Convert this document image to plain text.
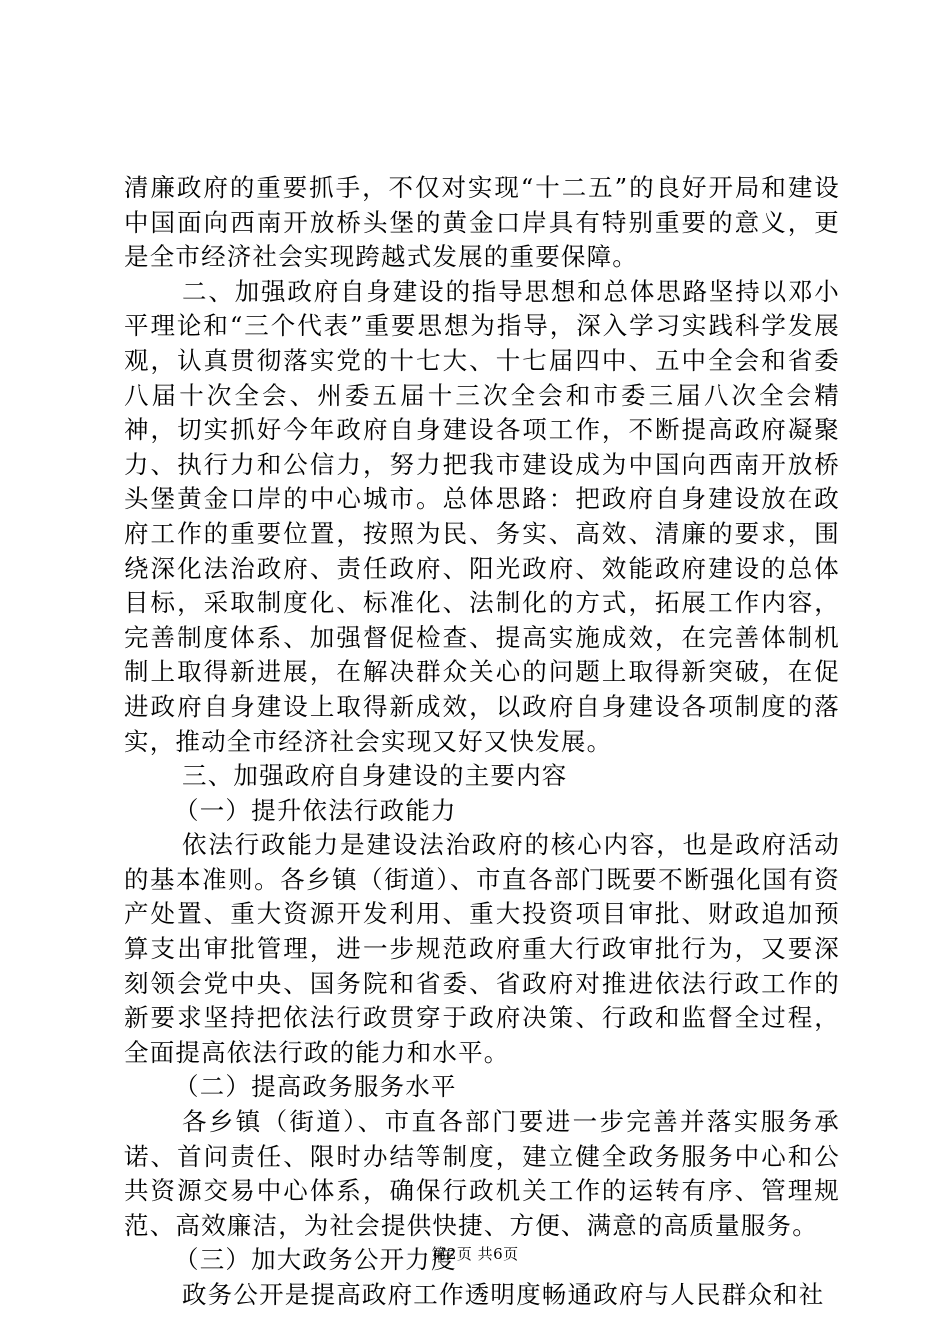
清廉政府的重要抓手，不仅对实现“十二五”的良好开局和建设中国面向西南开放桥头堡的黄金口岸具有特别重要的意义，更是全市经济社会实现跨越式发展的重要保障。

二、加强政府自身建设的指导思想和总体思路坚持以邓小平理论和“三个代表”重要思想为指导，深入学习实践科学发展观，认真贯彻落实党的十七大、十七届四中、五中全会和省委八届十次全会、州委五届十三次全会和市委三届八次全会精神，切实抓好今年政府自身建设各项工作，不断提高政府凝聚力、执行力和公信力，努力把我市建设成为中国向西南开放桥头堡黄金口岸的中心城市。总体思路：把政府自身建设放在政府工作的重要位置，按照为民、务实、高效、清廉的要求，围绕深化法治政府、责任政府、阳光政府、效能政府建设的总体目标，采取制度化、标准化、法制化的方式，拓展工作内容，完善制度体系、加强督促检查、提高实施成效，在完善体制机制上取得新进展，在解决群众关心的问题上取得新突破，在促进政府自身建设上取得新成效，以政府自身建设各项制度的落实，推动全市经济社会实现又好又快发展。

三、加强政府自身建设的主要内容

（一）提升依法行政能力

依法行政能力是建设法治政府的核心内容，也是政府活动的基本准则。各乡镇（街道）、市直各部门既要不断强化国有资产处置、重大资源开发利用、重大投资项目审批、财政追加预算支出审批管理，进一步规范政府重大行政审批行为，又要深刻领会党中央、国务院和省委、省政府对推进依法行政工作的新要求坚持把依法行政贯穿于政府决策、行政和监督全过程，全面提高依法行政的能力和水平。

（二）提高政务服务水平

各乡镇（街道）、市直各部门要进一步完善并落实服务承诺、首问责任、限时办结等制度，建立健全政务服务中心和公共资源交易中心体系，确保行政机关工作的运转有序、管理规范、高效廉洁，为社会提供快捷、方便、满意的高质量服务。

（三）加大政务公开力度

政务公开是提高政府工作透明度畅通政府与人民群众和社

第2页 共6页
